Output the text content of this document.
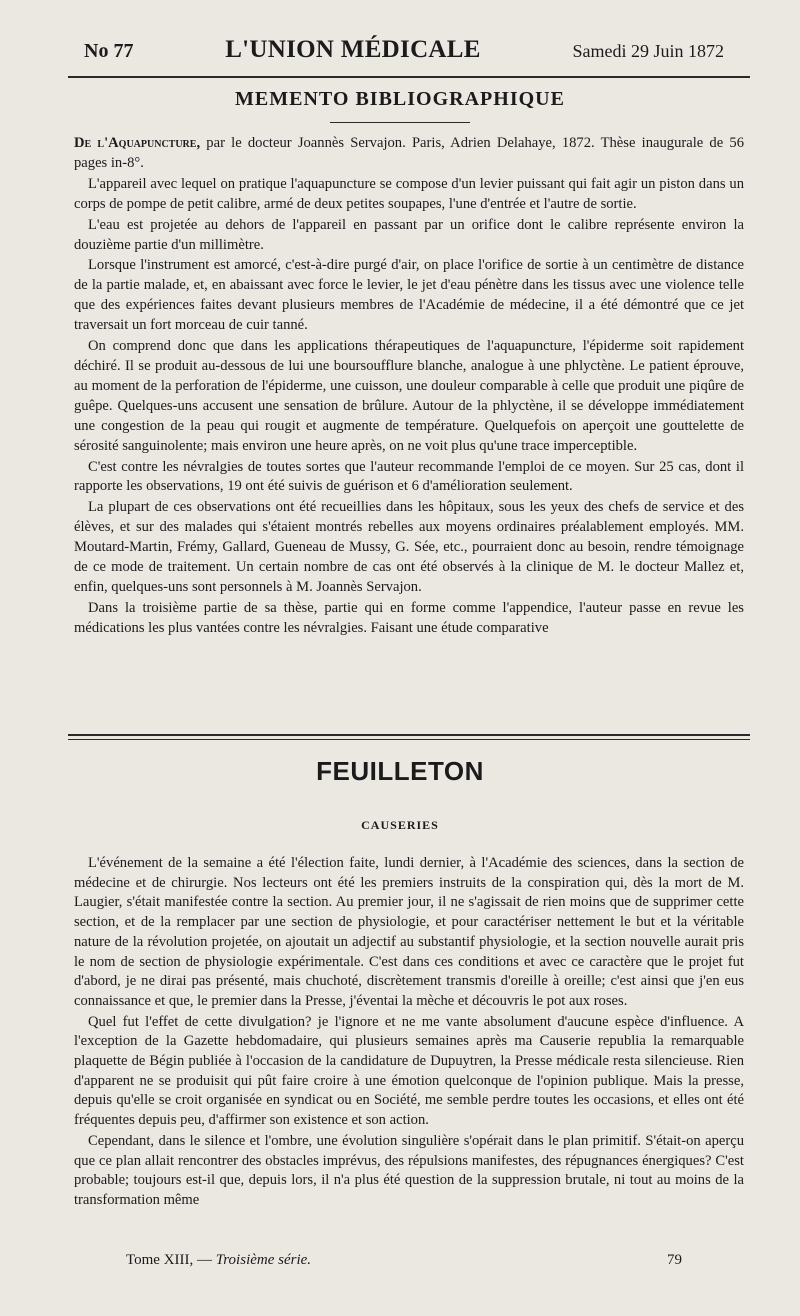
No 77	L'UNION MÉDICALE	Samedi 29 Juin 1872
MEMENTO BIBLIOGRAPHIQUE

De l'Aquapuncture, par le docteur Joannès Servajon. Paris, Adrien Delahaye, 1872. Thèse inaugurale de 56 pages in-8°.

L'appareil avec lequel on pratique l'aquapuncture se compose d'un levier puissant qui fait agir un piston dans un corps de pompe de petit calibre, armé de deux petites soupapes, l'une d'entrée et l'autre de sortie.

L'eau est projetée au dehors de l'appareil en passant par un orifice dont le calibre représente environ la douzième partie d'un millimètre.

Lorsque l'instrument est amorcé, c'est-à-dire purgé d'air, on place l'orifice de sortie à un centimètre de distance de la partie malade, et, en abaissant avec force le levier, le jet d'eau pénètre dans les tissus avec une violence telle que des expériences faites devant plusieurs membres de l'Académie de médecine, il a été démontré que ce jet traversait un fort morceau de cuir tanné.

On comprend donc que dans les applications thérapeutiques de l'aquapuncture, l'épiderme soit rapidement déchiré. Il se produit au-dessous de lui une boursoufflure blanche, analogue à une phlyctène. Le patient éprouve, au moment de la perforation de l'épiderme, une cuisson, une douleur comparable à celle que produit une piqûre de guêpe. Quelques-uns accusent une sensation de brûlure. Autour de la phlyctène, il se développe immédiatement une congestion de la peau qui rougit et augmente de température. Quelquefois on aperçoit une gouttelette de sérosité sanguinolente; mais environ une heure après, on ne voit plus qu'une trace imperceptible.

C'est contre les névralgies de toutes sortes que l'auteur recommande l'emploi de ce moyen. Sur 25 cas, dont il rapporte les observations, 19 ont été suivis de guérison et 6 d'amélioration seulement.

La plupart de ces observations ont été recueillies dans les hôpitaux, sous les yeux des chefs de service et des élèves, et sur des malades qui s'étaient montrés rebelles aux moyens ordinaires préalablement employés. MM. Moutard-Martin, Frémy, Gallard, Gueneau de Mussy, G. Sée, etc., pourraient donc au besoin, rendre témoignage de ce mode de traitement. Un certain nombre de cas ont été observés à la clinique de M. le docteur Mallez et, enfin, quelques-uns sont personnels à M. Joannès Servajon.

Dans la troisième partie de sa thèse, partie qui en forme comme l'appendice, l'auteur passe en revue les médications les plus vantées contre les névralgies. Faisant une étude comparative

FEUILLETON
CAUSERIES

L'événement de la semaine a été l'élection faite, lundi dernier, à l'Académie des sciences, dans la section de médecine et de chirurgie. Nos lecteurs ont été les premiers instruits de la conspiration qui, dès la mort de M. Laugier, s'était manifestée contre la section. Au premier jour, il ne s'agissait de rien moins que de supprimer cette section, et de la remplacer par une section de physiologie, et pour caractériser nettement le but et la véritable nature de la révolution projetée, on ajoutait un adjectif au substantif physiologie, et la section nouvelle aurait pris le nom de section de physiologie expérimentale. C'est dans ces conditions et avec ce caractère que le projet fut d'abord, je ne dirai pas présenté, mais chuchoté, discrètement transmis d'oreille à oreille; c'est ainsi que j'en eus connaissance et que, le premier dans la Presse, j'éventai la mèche et découvris le pot aux roses.

Quel fut l'effet de cette divulgation? je l'ignore et ne me vante absolument d'aucune espèce d'influence. A l'exception de la Gazette hebdomadaire, qui plusieurs semaines après ma Causerie republia la remarquable plaquette de Bégin publiée à l'occasion de la candidature de Dupuytren, la Presse médicale resta silencieuse. Rien d'apparent ne se produisit qui pût faire croire à une émotion quelconque de l'opinion publique. Mais la presse, depuis qu'elle se croit organisée en syndicat ou en Société, me semble perdre toutes les occasions, et elles ont été fréquentes depuis peu, d'affirmer son existence et son action.

Cependant, dans le silence et l'ombre, une évolution singulière s'opérait dans le plan primitif. S'était-on aperçu que ce plan allait rencontrer des obstacles imprévus, des répulsions manifestes, des répugnances énergiques? C'est probable; toujours est-il que, depuis lors, il n'a plus été question de la suppression brutale, ni tout au moins de la transformation même

Tome XIII, — Troisième série.	79
